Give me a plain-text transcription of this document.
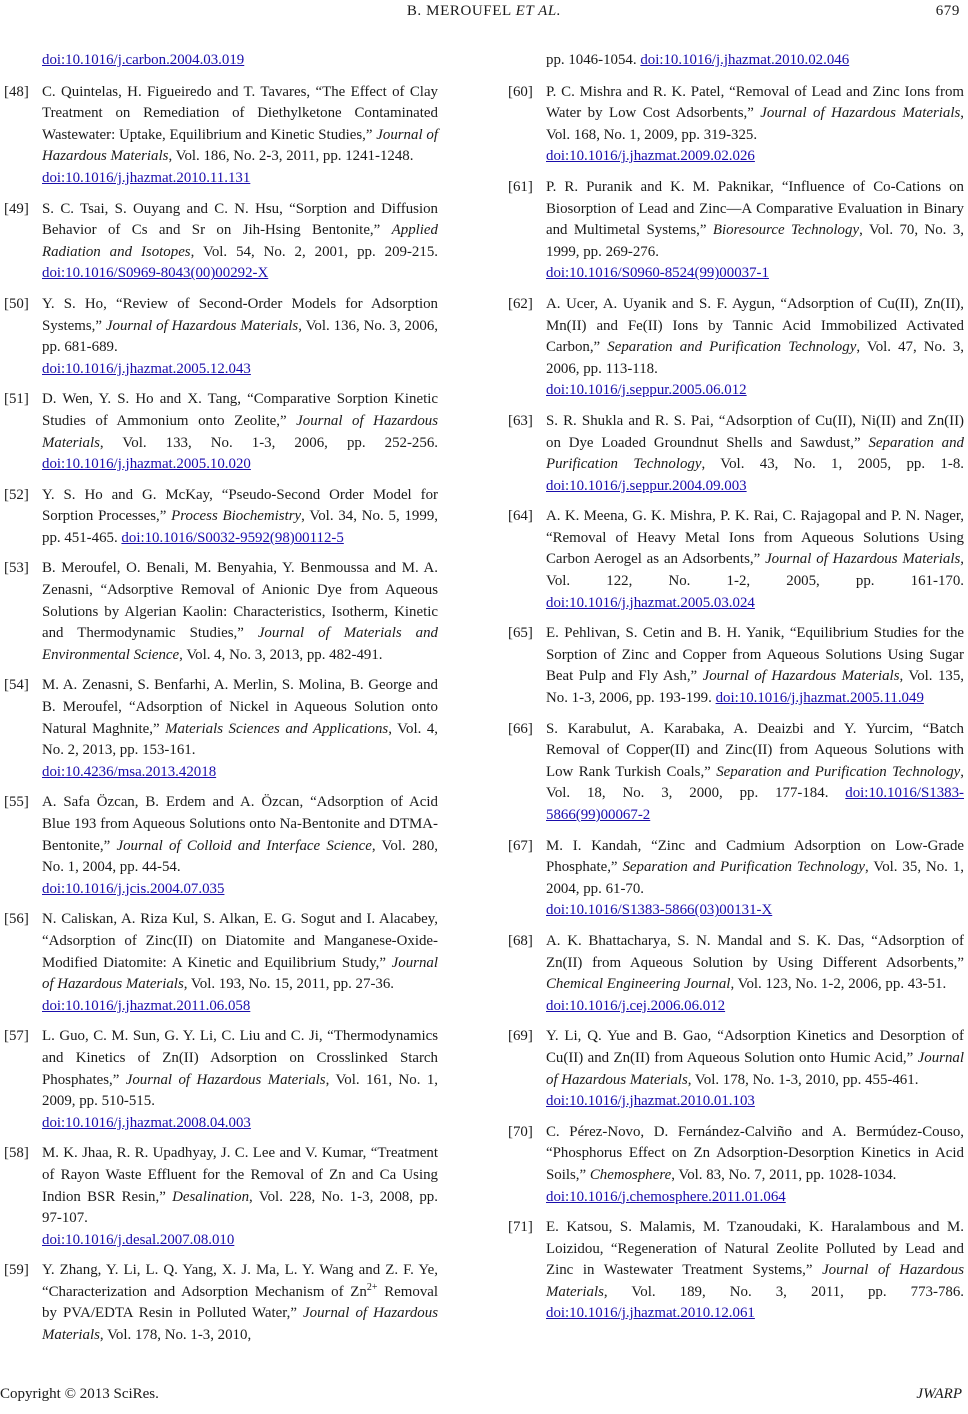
B. MEROUFEL ET AL.	679
doi:10.1016/j.carbon.2004.03.019
[48] C. Quintelas, H. Figueiredo and T. Tavares, “The Effect of Clay Treatment on Remediation of Diethylketone Contaminated Wastewater: Uptake, Equilibrium and Kinetic Studies,” Journal of Hazardous Materials, Vol. 186, No. 2-3, 2011, pp. 1241-1248.
doi:10.1016/j.jhazmat.2010.11.131
[49] S. C. Tsai, S. Ouyang and C. N. Hsu, “Sorption and Diffusion Behavior of Cs and Sr on Jih-Hsing Bentonite,” Applied Radiation and Isotopes, Vol. 54, No. 2, 2001, pp. 209-215. doi:10.1016/S0969-8043(00)00292-X
[50] Y. S. Ho, “Review of Second-Order Models for Adsorption Systems,” Journal of Hazardous Materials, Vol. 136, No. 3, 2006, pp. 681-689.
doi:10.1016/j.jhazmat.2005.12.043
[51] D. Wen, Y. S. Ho and X. Tang, “Comparative Sorption Kinetic Studies of Ammonium onto Zeolite,” Journal of Hazardous Materials, Vol. 133, No. 1-3, 2006, pp. 252-256. doi:10.1016/j.jhazmat.2005.10.020
[52] Y. S. Ho and G. McKay, “Pseudo-Second Order Model for Sorption Processes,” Process Biochemistry, Vol. 34, No. 5, 1999, pp. 451-465. doi:10.1016/S0032-9592(98)00112-5
[53] B. Meroufel, O. Benali, M. Benyahia, Y. Benmoussa and M. A. Zenasni, “Adsorptive Removal of Anionic Dye from Aqueous Solutions by Algerian Kaolin: Characteristics, Isotherm, Kinetic and Thermodynamic Studies,” Journal of Materials and Environmental Science, Vol. 4, No. 3, 2013, pp. 482-491.
[54] M. A. Zenasni, S. Benfarhi, A. Merlin, S. Molina, B. George and B. Meroufel, “Adsorption of Nickel in Aqueous Solution onto Natural Maghnite,” Materials Sciences and Applications, Vol. 4, No. 2, 2013, pp. 153-161.
doi:10.4236/msa.2013.42018
[55] A. Safa Özcan, B. Erdem and A. Özcan, “Adsorption of Acid Blue 193 from Aqueous Solutions onto Na-Bentonite and DTMA-Bentonite,” Journal of Colloid and Interface Science, Vol. 280, No. 1, 2004, pp. 44-54.
doi:10.1016/j.jcis.2004.07.035
[56] N. Caliskan, A. Riza Kul, S. Alkan, E. G. Sogut and I. Alacabey, “Adsorption of Zinc(II) on Diatomite and Manganese-Oxide-Modified Diatomite: A Kinetic and Equilibrium Study,” Journal of Hazardous Materials, Vol. 193, No. 15, 2011, pp. 27-36.
doi:10.1016/j.jhazmat.2011.06.058
[57] L. Guo, C. M. Sun, G. Y. Li, C. Liu and C. Ji, “Thermodynamics and Kinetics of Zn(II) Adsorption on Crosslinked Starch Phosphates,” Journal of Hazardous Materials, Vol. 161, No. 1, 2009, pp. 510-515.
doi:10.1016/j.jhazmat.2008.04.003
[58] M. K. Jhaa, R. R. Upadhyay, J. C. Lee and V. Kumar, “Treatment of Rayon Waste Effluent for the Removal of Zn and Ca Using Indion BSR Resin,” Desalination, Vol. 228, No. 1-3, 2008, pp. 97-107.
doi:10.1016/j.desal.2007.08.010
[59] Y. Zhang, Y. Li, L. Q. Yang, X. J. Ma, L. Y. Wang and Z. F. Ye, “Characterization and Adsorption Mechanism of $Zn^{2+}$ Removal by PVA/EDTA Resin in Polluted Water,” Journal of Hazardous Materials, Vol. 178, No. 1-3, 2010,
pp. 1046-1054. doi:10.1016/j.jhazmat.2010.02.046
[60] P. C. Mishra and R. K. Patel, “Removal of Lead and Zinc Ions from Water by Low Cost Adsorbents,” Journal of Hazardous Materials, Vol. 168, No. 1, 2009, pp. 319-325.
doi:10.1016/j.jhazmat.2009.02.026
[61] P. R. Puranik and K. M. Paknikar, “Influence of Co-Cations on Biosorption of Lead and Zinc—A Comparative Evaluation in Binary and Multimetal Systems,” Bioresource Technology, Vol. 70, No. 3, 1999, pp. 269-276.
doi:10.1016/S0960-8524(99)00037-1
[62] A. Ucer, A. Uyanik and S. F. Aygun, “Adsorption of Cu(II), Zn(II), Mn(II) and Fe(II) Ions by Tannic Acid Immobilized Activated Carbon,” Separation and Purification Technology, Vol. 47, No. 3, 2006, pp. 113-118.
doi:10.1016/j.seppur.2005.06.012
[63] S. R. Shukla and R. S. Pai, “Adsorption of Cu(II), Ni(II) and Zn(II) on Dye Loaded Groundnut Shells and Sawdust,” Separation and Purification Technology, Vol. 43, No. 1, 2005, pp. 1-8. doi:10.1016/j.seppur.2004.09.003
[64] A. K. Meena, G. K. Mishra, P. K. Rai, C. Rajagopal and P. N. Nager, “Removal of Heavy Metal Ions from Aqueous Solutions Using Carbon Aerogel as an Adsorbents,” Journal of Hazardous Materials, Vol. 122, No. 1-2, 2005, pp. 161-170. doi:10.1016/j.jhazmat.2005.03.024
[65] E. Pehlivan, S. Cetin and B. H. Yanik, “Equilibrium Studies for the Sorption of Zinc and Copper from Aqueous Solutions Using Sugar Beat Pulp and Fly Ash,” Journal of Hazardous Materials, Vol. 135, No. 1-3, 2006, pp. 193-199. doi:10.1016/j.jhazmat.2005.11.049
[66] S. Karabulut, A. Karabaka, A. Deaizbi and Y. Yurcim, “Batch Removal of Copper(II) and Zinc(II) from Aqueous Solutions with Low Rank Turkish Coals,” Separation and Purification Technology, Vol. 18, No. 3, 2000, pp. 177-184. doi:10.1016/S1383-5866(99)00067-2
[67] M. I. Kandah, “Zinc and Cadmium Adsorption on Low-Grade Phosphate,” Separation and Purification Technology, Vol. 35, No. 1, 2004, pp. 61-70.
doi:10.1016/S1383-5866(03)00131-X
[68] A. K. Bhattacharya, S. N. Mandal and S. K. Das, “Adsorption of Zn(II) from Aqueous Solution by Using Different Adsorbents,” Chemical Engineering Journal, Vol. 123, No. 1-2, 2006, pp. 43-51.
doi:10.1016/j.cej.2006.06.012
[69] Y. Li, Q. Yue and B. Gao, “Adsorption Kinetics and Desorption of Cu(II) and Zn(II) from Aqueous Solution onto Humic Acid,” Journal of Hazardous Materials, Vol. 178, No. 1-3, 2010, pp. 455-461.
doi:10.1016/j.jhazmat.2010.01.103
[70] C. Pérez-Novo, D. Fernández-Calviño and A. Bermúdez-Couso, “Phosphorus Effect on Zn Adsorption-Desorption Kinetics in Acid Soils,” Chemosphere, Vol. 83, No. 7, 2011, pp. 1028-1034.
doi:10.1016/j.chemosphere.2011.01.064
[71] E. Katsou, S. Malamis, M. Tzanoudaki, K. Haralambous and M. Loizidou, “Regeneration of Natural Zeolite Polluted by Lead and Zinc in Wastewater Treatment Systems,” Journal of Hazardous Materials, Vol. 189, No. 3, 2011, pp. 773-786. doi:10.1016/j.jhazmat.2010.12.061
Copyright © 2013 SciRes.	JWARP
